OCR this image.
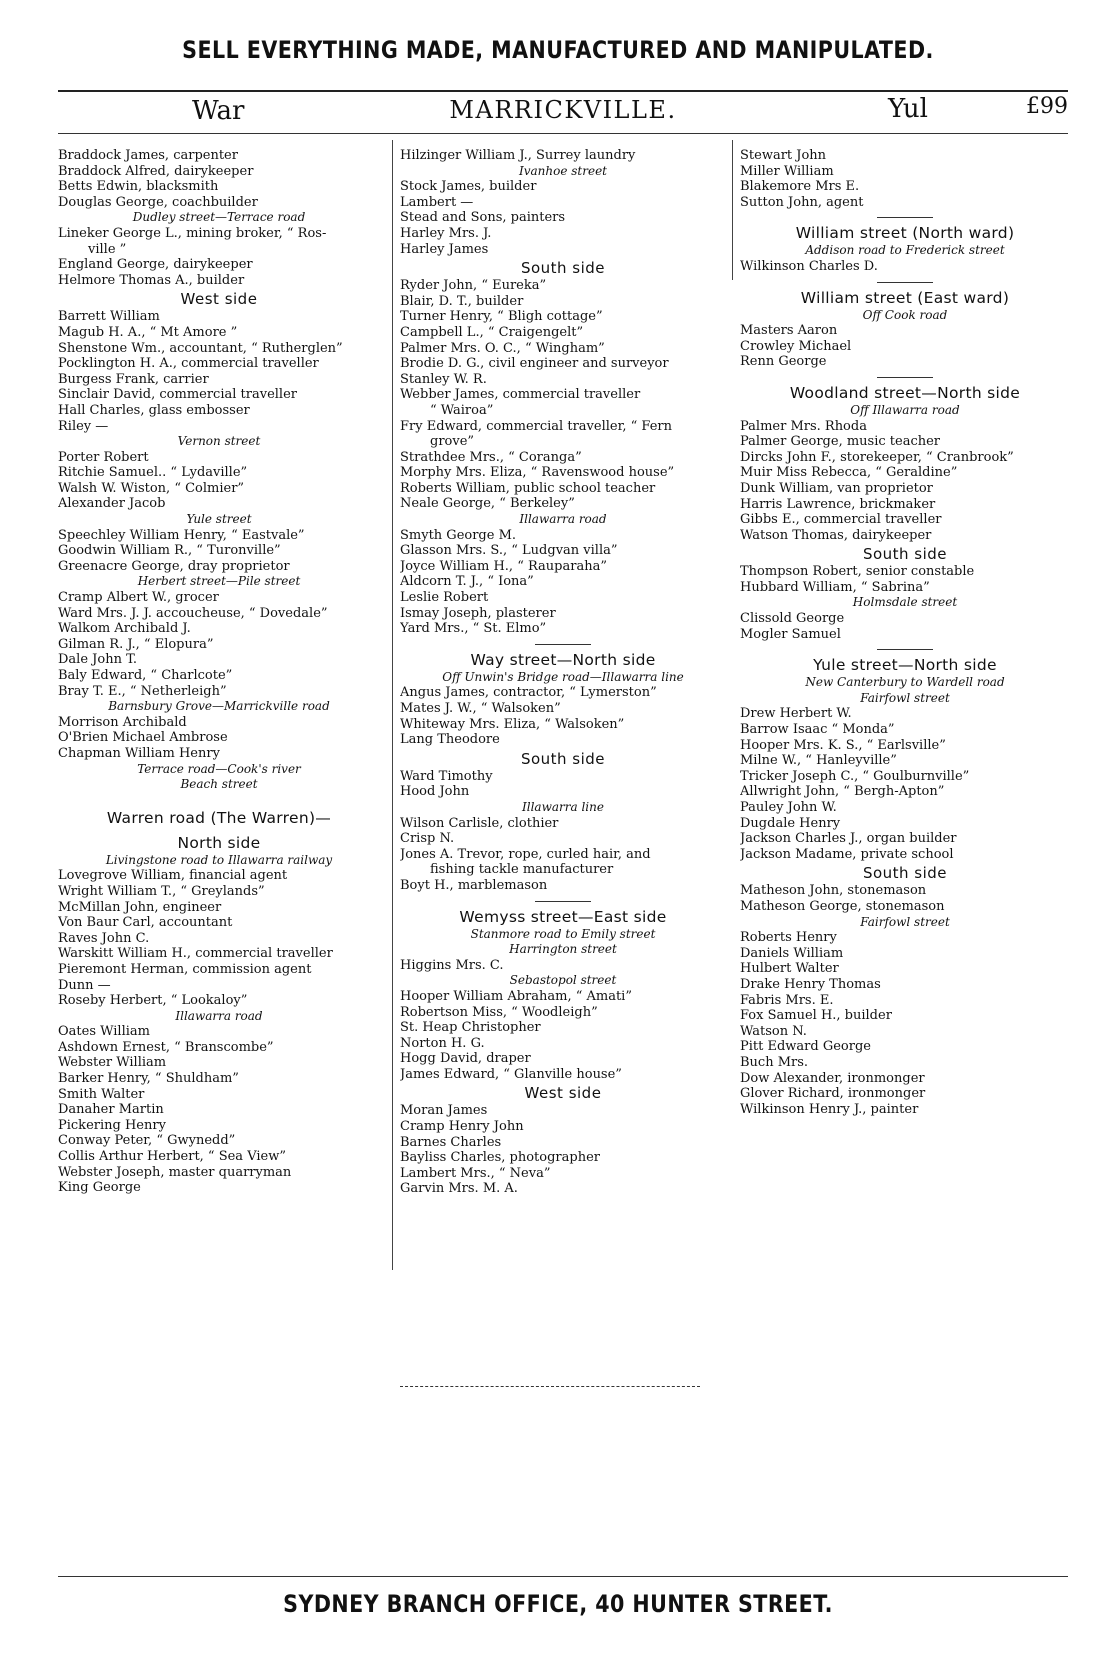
SELL EVERYTHING MADE, MANUFACTURED AND MANIPULATED.
War	MARRICKVILLE.	Yul	£99
Braddock James, carpenter
Braddock Alfred, dairykeeper
Betts Edwin, blacksmith
Douglas George, coachbuilder
Dudley street—Terrace road
Lineker George L., mining broker, “ Ros-
ville ”
England George, dairykeeper
Helmore Thomas A., builder
West side
Barrett William
Magub H. A., “ Mt Amore ”
Shenstone Wm., accountant, “ Rutherglen”
Pocklington H. A., commercial traveller
Burgess Frank, carrier
Sinclair David, commercial traveller
Hall Charles, glass embosser
Riley —
Vernon street
Porter Robert
Ritchie Samuel.. “ Lydaville”
Walsh W. Wiston, “ Colmier”
Alexander Jacob
Yule street
Speechley William Henry, “ Eastvale”
Goodwin William R., “ Turonville”
Greenacre George, dray proprietor
Herbert street—Pile street
Cramp Albert W., grocer
Ward Mrs. J. J. accoucheuse, “ Dovedale”
Walkom Archibald J.
Gilman R. J., “ Elopura”
Dale John T.
Baly Edward, “ Charlcote”
Bray T. E., “ Netherleigh”
Barnsbury Grove—Marrickville road
Morrison Archibald
O'Brien Michael Ambrose
Chapman William Henry
Terrace road—Cook's river
Beach street
Warren road (The Warren)—
North side
Livingstone road to Illawarra railway
Lovegrove William, financial agent
Wright William T., “ Greylands”
McMillan John, engineer
Von Baur Carl, accountant
Raves John C.
Warskitt William H., commercial traveller
Pieremont Herman, commission agent
Dunn —
Roseby Herbert, “ Lookaloy”
Illawarra road
Oates William
Ashdown Ernest, “ Branscombe”
Webster William
Barker Henry, “ Shuldham”
Smith Walter
Danaher Martin
Pickering Henry
Conway Peter, “ Gwynedd”
Collis Arthur Herbert, “ Sea View”
Webster Joseph, master quarryman
King George
Hilzinger William J., Surrey laundry
Ivanhoe street
Stock James, builder
Lambert —
Stead and Sons, painters
Harley Mrs. J.
Harley James
South side
Ryder John, “ Eureka”
Blair, D. T., builder
Turner Henry, “ Bligh cottage”
Campbell L., “ Craigengelt”
Palmer Mrs. O. C., “ Wingham”
Brodie D. G., civil engineer and surveyor
Stanley W. R.
Webber James, commercial traveller
“ Wairoa”
Fry Edward, commercial traveller, “ Fern
grove”
Strathdee Mrs., “ Coranga”
Morphy Mrs. Eliza, “ Ravenswood house”
Roberts William, public school teacher
Neale George, “ Berkeley”
Illawarra road
Smyth George M.
Glasson Mrs. S., “ Ludgvan villa”
Joyce William H., “ Rauparaha”
Aldcorn T. J., “ Iona”
Leslie Robert
Ismay Joseph, plasterer
Yard Mrs., “ St. Elmo”
Way street—North side
Off Unwin's Bridge road—Illawarra line
Angus James, contractor, “ Lymerston”
Mates J. W., “ Walsoken”
Whiteway Mrs. Eliza, “ Walsoken”
Lang Theodore
South side
Ward Timothy
Hood John
Illawarra line
Wilson Carlisle, clothier
Crisp N.
Jones A. Trevor, rope, curled hair, and
fishing tackle manufacturer
Boyt H., marblemason
Wemyss street—East side
Stanmore road to Emily street
Harrington street
Higgins Mrs. C.
Sebastopol street
Hooper William Abraham, “ Amati”
Robertson Miss, “ Woodleigh”
St. Heap Christopher
Norton H. G.
Hogg David, draper
James Edward, “ Glanville house”
West side
Moran James
Cramp Henry John
Barnes Charles
Bayliss Charles, photographer
Lambert Mrs., “ Neva”
Garvin Mrs. M. A.
Stewart John
Miller William
Blakemore Mrs E.
Sutton John, agent
William street (North ward)
Addison road to Frederick street
Wilkinson Charles D.
William street (East ward)
Off Cook road
Masters Aaron
Crowley Michael
Renn George
Woodland street—North side
Off Illawarra road
Palmer Mrs. Rhoda
Palmer George, music teacher
Dircks John F., storekeeper, “ Cranbrook”
Muir Miss Rebecca, “ Geraldine”
Dunk William, van proprietor
Harris Lawrence, brickmaker
Gibbs E., commercial traveller
Watson Thomas, dairykeeper
South side
Thompson Robert, senior constable
Hubbard William, “ Sabrina”
Holmsdale street
Clissold George
Mogler Samuel
Yule street—North side
New Canterbury to Wardell road
Fairfowl street
Drew Herbert W.
Barrow Isaac “ Monda”
Hooper Mrs. K. S., “ Earlsville”
Milne W., “ Hanleyville”
Tricker Joseph C., “ Goulburnville”
Allwright John, “ Bergh-Apton”
Pauley John W.
Dugdale Henry
Jackson Charles J., organ builder
Jackson Madame, private school
South side
Matheson John, stonemason
Matheson George, stonemason
Fairfowl street
Roberts Henry
Daniels William
Hulbert Walter
Drake Henry Thomas
Fabris Mrs. E.
Fox Samuel H., builder
Watson N.
Pitt Edward George
Buch Mrs.
Dow Alexander, ironmonger
Glover Richard, ironmonger
Wilkinson Henry J., painter
SYDNEY BRANCH OFFICE, 40 HUNTER STREET.
